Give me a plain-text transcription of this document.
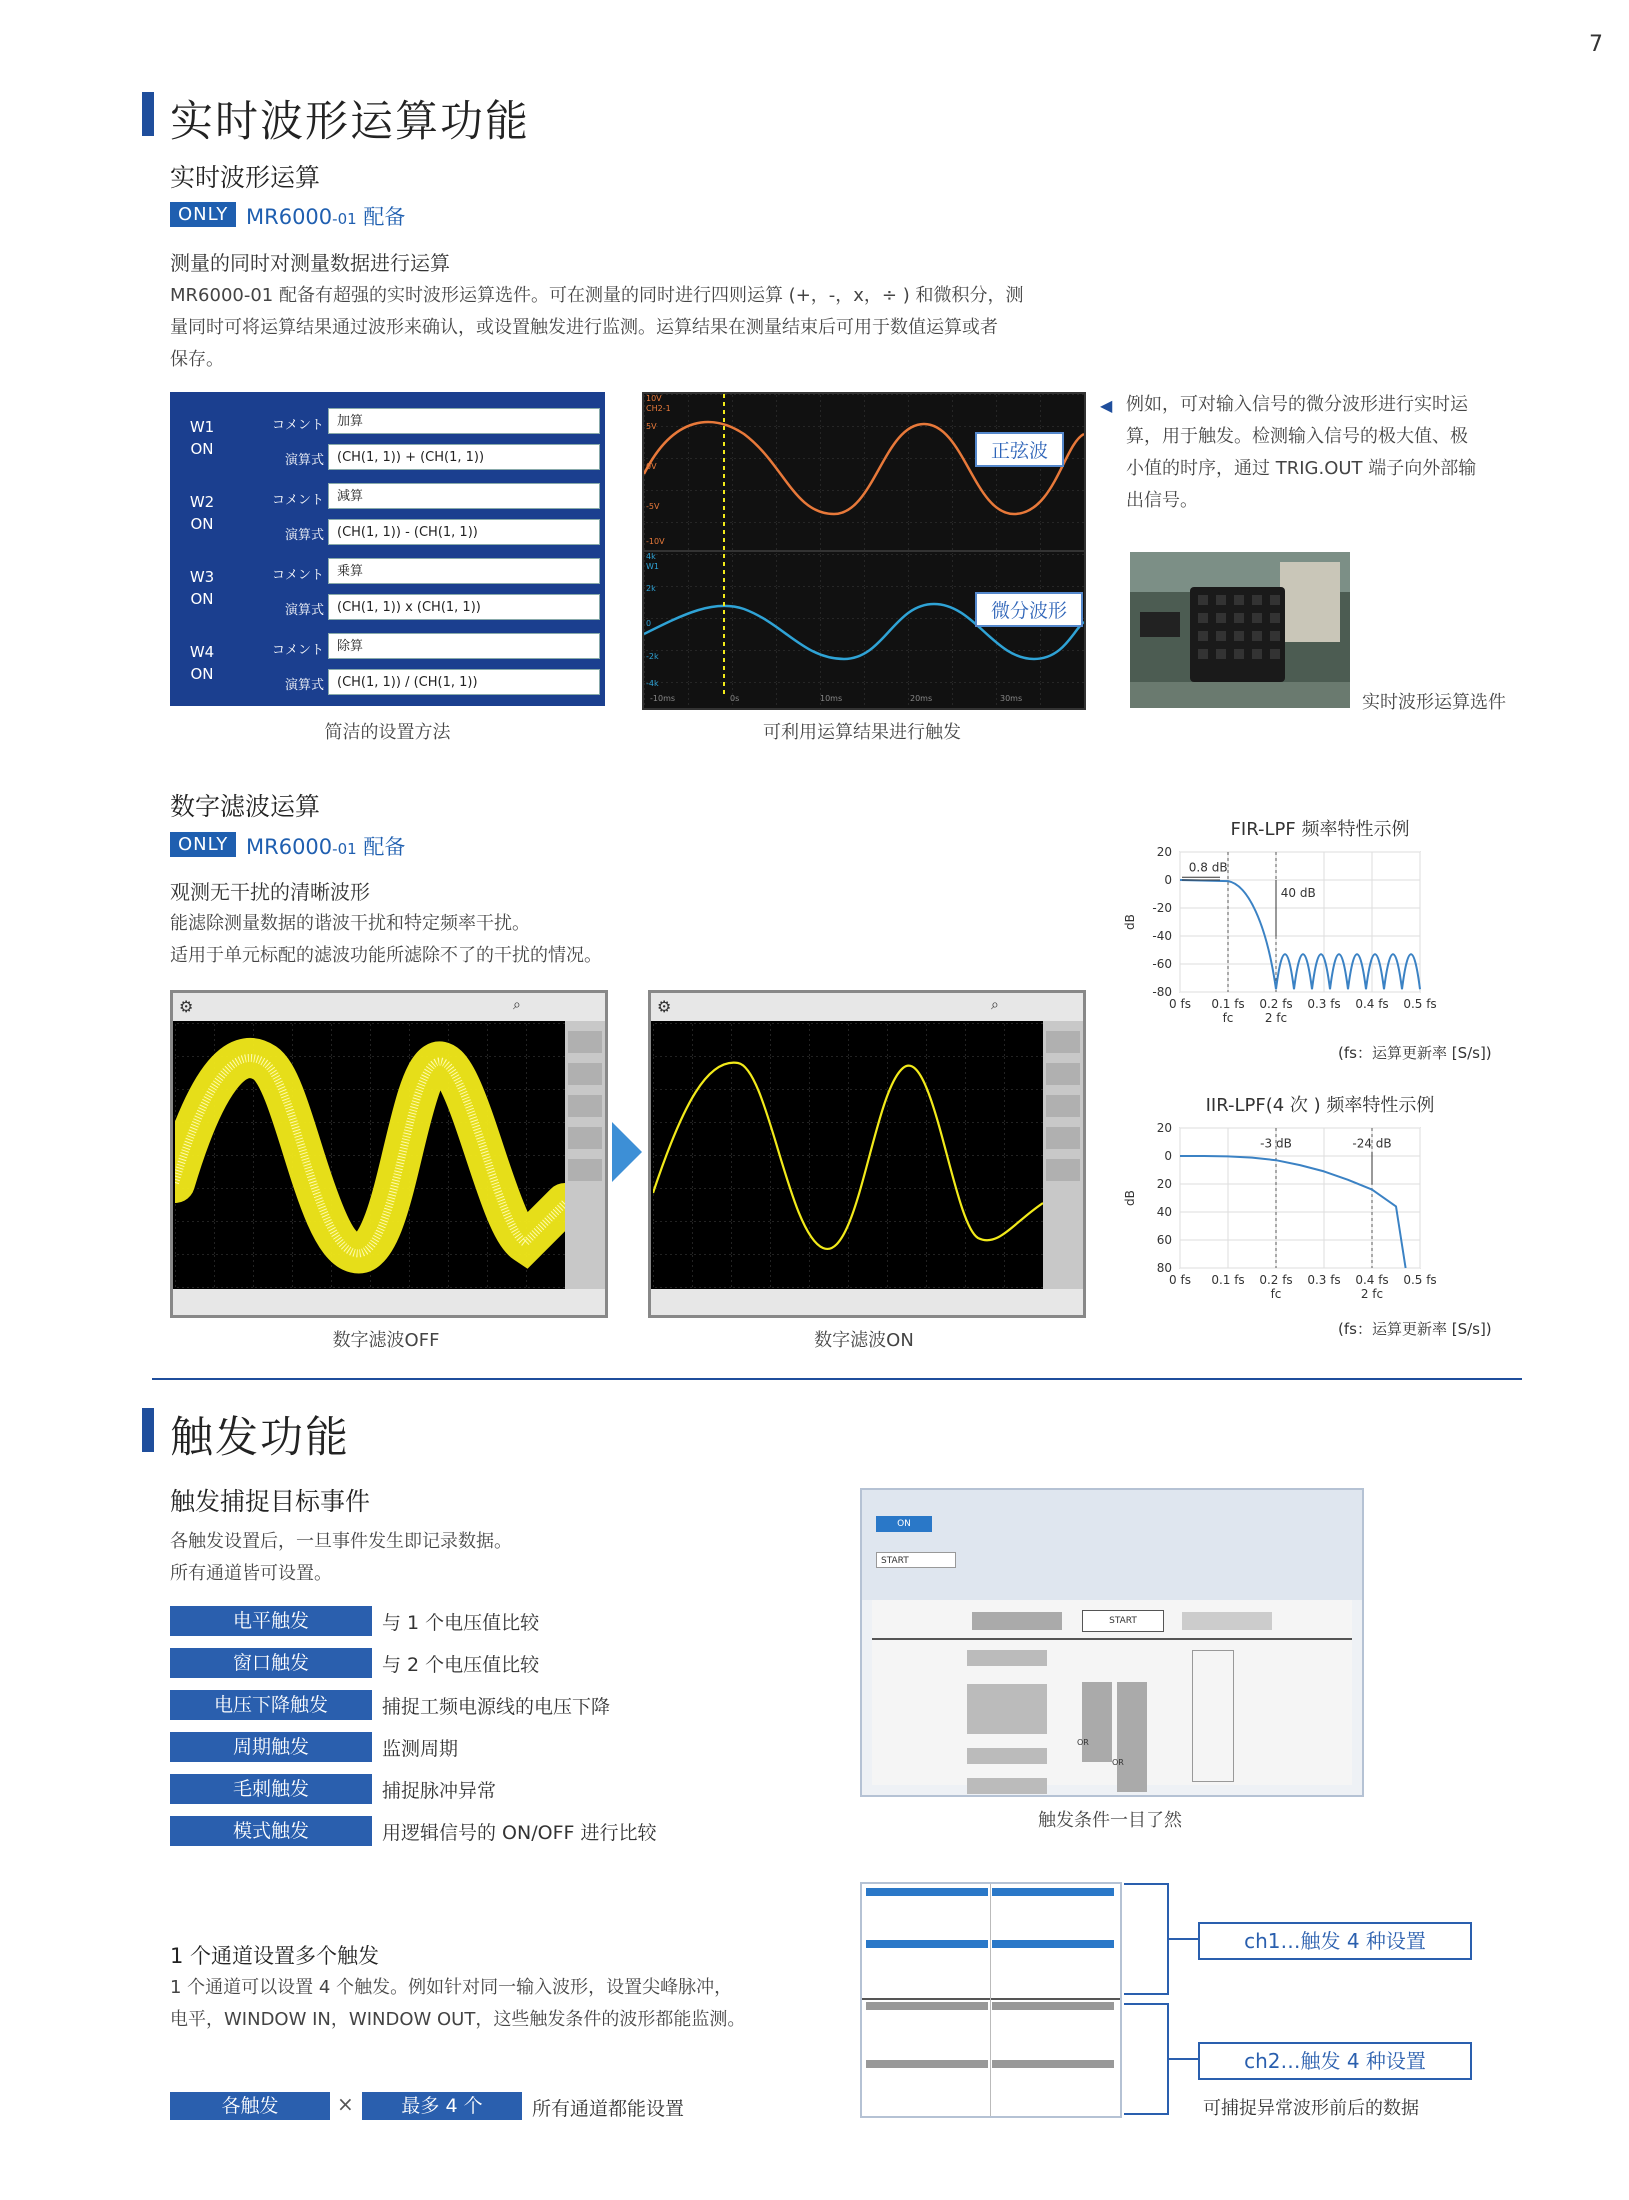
7
实时波形运算功能
实时波形运算
ONLY MR6000-01 配备
测量的同时对测量数据进行运算
MR6000-01 配备有超强的实时波形运算选件。可在测量的同时进行四则运算 (+，-，x，÷ ) 和微积分，测
量同时可将运算结果通过波形来确认，或设置触发进行监测。运算结果在测量结束后可用于数值运算或者
保存。
W1
ON
コメント	加算
演算式	(CH(1, 1)) + (CH(1, 1))
W2
ON
コメント	減算
演算式	(CH(1, 1)) - (CH(1, 1))
W3
ON
コメント	乗算
演算式	(CH(1, 1)) x (CH(1, 1))
W4
ON
コメント	除算
演算式	(CH(1, 1)) / (CH(1, 1))
简洁的设置方法
10V
CH2-1
5V
0V
-5V
-10V
4k
W1
2k
0
-2k
-4k
-10ms	0s	10ms	20ms	30ms
正弦波
微分波形
可利用运算结果进行触发
◀ 例如，可对输入信号的微分波形进行实时运
算，用于触发。检测输入信号的极大值、极
小值的时序，通过 TRIG.OUT 端子向外部输
出信号。
实时波形运算选件
数字滤波运算
ONLY MR6000-01 配备
观测无干扰的清晰波形
能滤除测量数据的谐波干扰和特定频率干扰。
适用于单元标配的滤波功能所滤除不了的干扰的情况。
⚙	⌕	⚙	⌕
数字滤波OFF	数字滤波ON
FIR-LPF 频率特性示例
20
0
-20
-40
-60
-80
0 fs 0.1 fs 0.2 fs 0.3 fs 0.4 fs 0.5 fs
fc	2 fc
dB
0.8 dB
40 dB
(fs：运算更新率 [S/s])
IIR-LPF(4 次 ) 频率特性示例
20
0
20
40
60
80
0 fs 0.1 fs 0.2 fs 0.3 fs 0.4 fs 0.5 fs
fc	2 fc
dB
-3 dB	-24 dB
(fs：运算更新率 [S/s])
触发功能
触发捕捉目标事件
各触发设置后，一旦事件发生即记录数据。
所有通道皆可设置。
电平触发	与 1 个电压值比较
窗口触发	与 2 个电压值比较
电压下降触发	捕捉工频电源线的电压下降
周期触发	监测周期
毛刺触发	捕捉脉冲异常
模式触发	用逻辑信号的 ON/OFF 进行比较
ON
START
START
OR
OR
触发条件一目了然
1 个通道设置多个触发
1 个通道可以设置 4 个触发。例如针对同一输入波形，设置尖峰脉冲，
电平，WINDOW IN，WINDOW OUT，这些触发条件的波形都能监测。
各触发	×	最多 4 个	所有通道都能设置
ch1…触发 4 种设置
ch2…触发 4 种设置
可捕捉异常波形前后的数据
